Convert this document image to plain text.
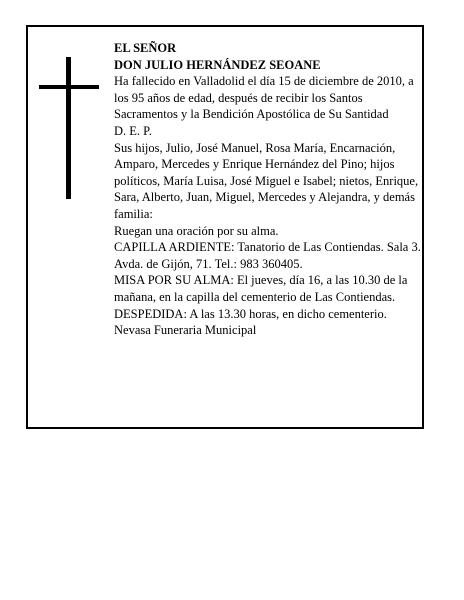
EL SEÑOR

DON JULIO HERNÁNDEZ SEOANE

Ha fallecido en Valladolid el día 15 de diciembre de 2010, a los 95 años de edad, después de recibir los Santos Sacramentos y la Bendición Apostólica de Su Santidad

D. E. P.

Sus hijos, Julio, José Manuel, Rosa María, Encarnación, Amparo, Mercedes y Enrique Hernández del Pino; hijos políticos, María Luisa, José Miguel e Isabel; nietos, Enrique, Sara, Alberto, Juan, Miguel, Mercedes y Alejandra, y demás familia:

Ruegan una oración por su alma.

CAPILLA ARDIENTE: Tanatorio de Las Contiendas. Sala 3. Avda. de Gijón, 71. Tel.: 983 360405.

MISA POR SU ALMA: El jueves, día 16, a las 10.30 de la mañana, en la capilla del cementerio de Las Contiendas.

DESPEDIDA: A las 13.30 horas, en dicho cementerio.

Nevasa Funeraria Municipal
